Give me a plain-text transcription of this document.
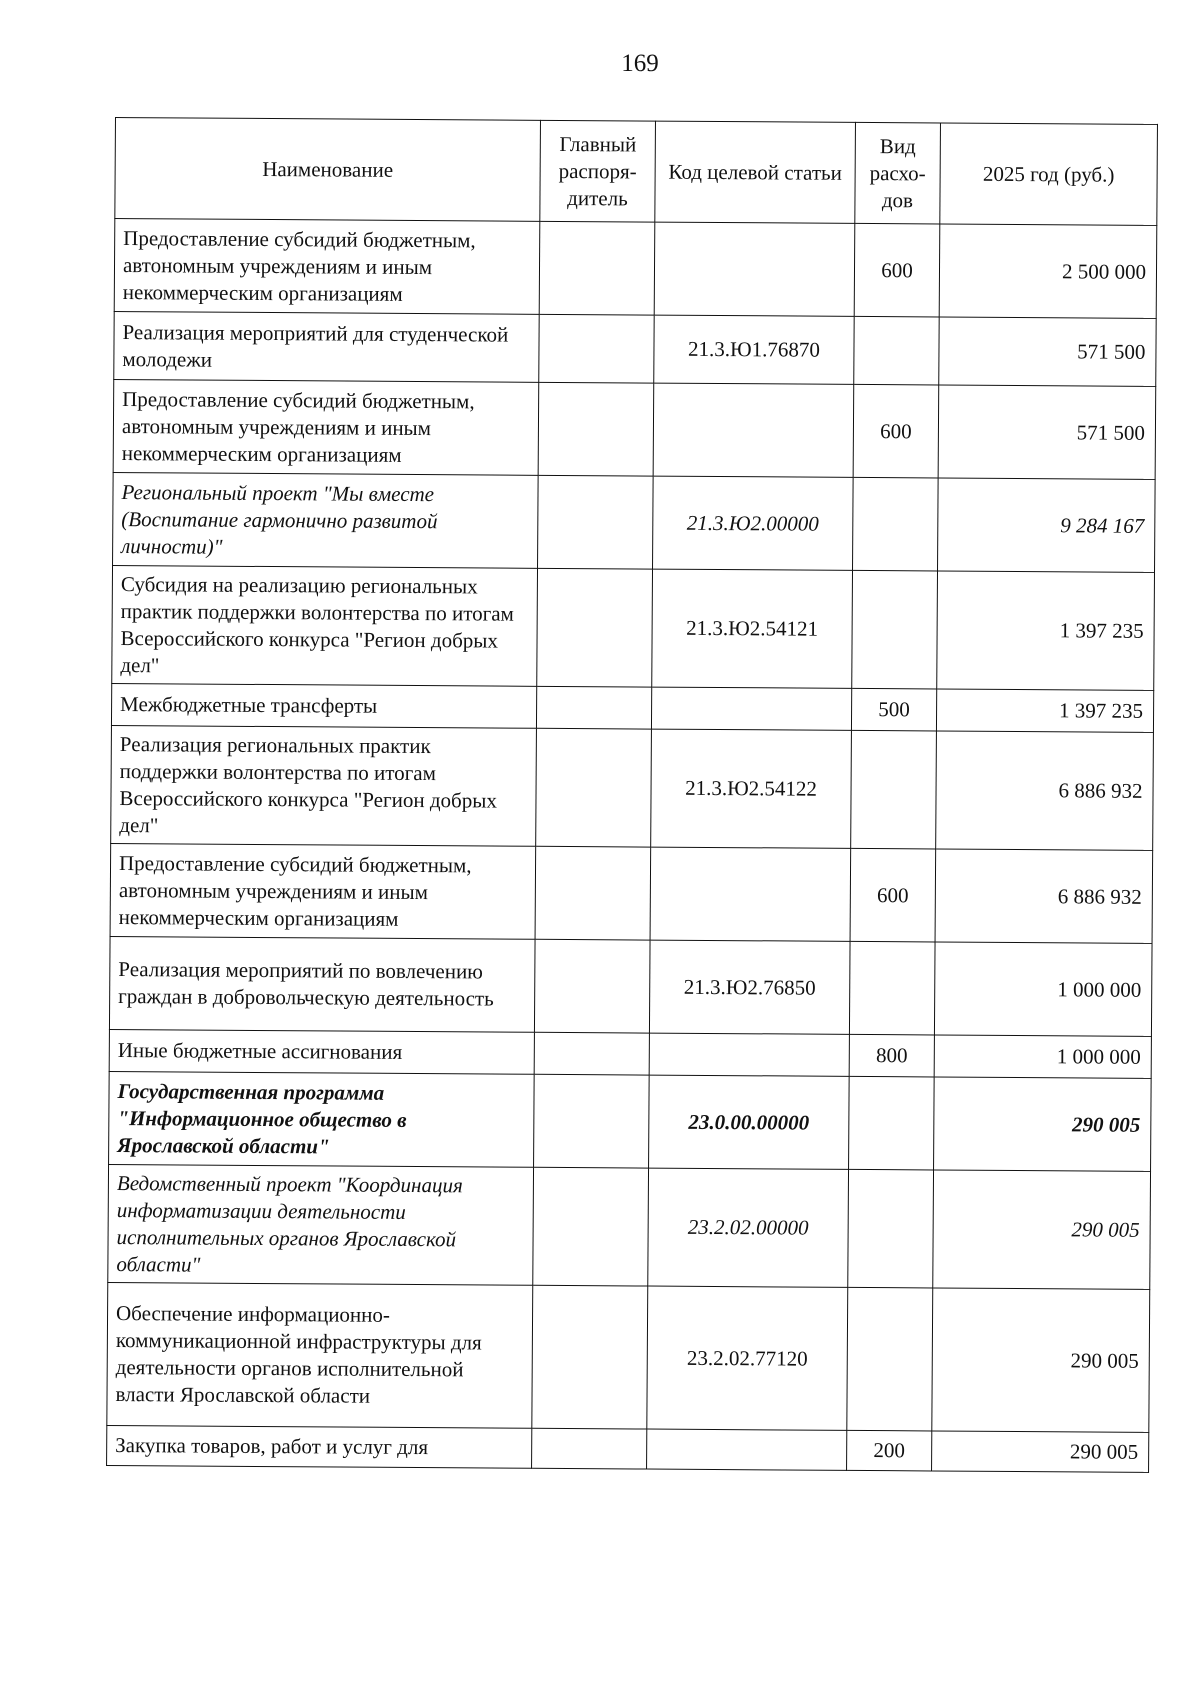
169
Наименование	Главный распоря-дитель	Код целевой статьи	Вид расхо-дов	2025 год (руб.)
Предоставление субсидий бюджетным, автономным учреждениям и иным некоммерческим организациям			600	2 500 000
Реализация мероприятий для студенческой молодежи		21.3.Ю1.76870		571 500
Предоставление субсидий бюджетным, автономным учреждениям и иным некоммерческим организациям			600	571 500
Региональный проект "Мы вместе (Воспитание гармонично развитой личности)"		21.3.Ю2.00000		9 284 167
Субсидия на реализацию региональных практик поддержки волонтерства по итогам Всероссийского конкурса "Регион добрых дел"		21.3.Ю2.54121		1 397 235
Межбюджетные трансферты			500	1 397 235
Реализация региональных практик поддержки волонтерства по итогам Всероссийского конкурса "Регион добрых дел"		21.3.Ю2.54122		6 886 932
Предоставление субсидий бюджетным, автономным учреждениям и иным некоммерческим организациям			600	6 886 932
Реализация мероприятий по вовлечению граждан в добровольческую деятельность		21.3.Ю2.76850		1 000 000
Иные бюджетные ассигнования			800	1 000 000
Государственная программа "Информационное общество в Ярославской области"		23.0.00.00000		290 005
Ведомственный проект "Координация информатизации деятельности исполнительных органов Ярославской области"		23.2.02.00000		290 005
Обеспечение информационно-коммуникационной инфраструктуры для деятельности органов исполнительной власти Ярославской области		23.2.02.77120		290 005
Закупка товаров, работ и услуг для			200	290 005
